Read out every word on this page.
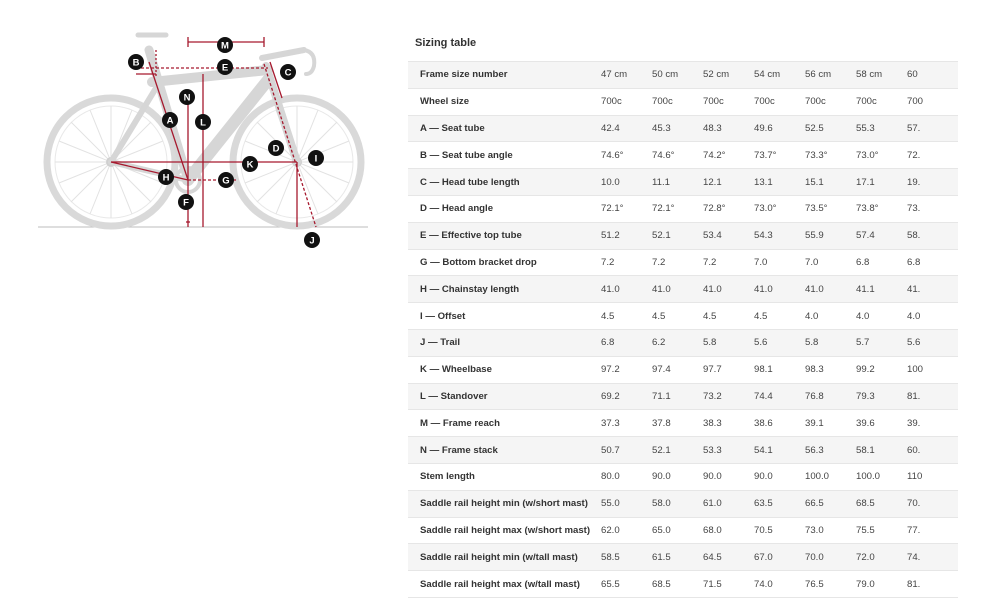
M
E
B
C
N
L
A
D
I
K
H	G
F
J
Sizing table
Frame size number	47 cm	50 cm	52 cm	54 cm	56 cm	58 cm	60
Wheel size	700c	700c	700c	700c	700c	700c	700
A — Seat tube	42.4	45.3	48.3	49.6	52.5	55.3	57.
B — Seat tube angle	74.6°	74.6°	74.2°	73.7°	73.3°	73.0°	72.
C — Head tube length	10.0	11.1	12.1	13.1	15.1	17.1	19.
D — Head angle	72.1°	72.1°	72.8°	73.0°	73.5°	73.8°	73.
E — Effective top tube	51.2	52.1	53.4	54.3	55.9	57.4	58.
G — Bottom bracket drop	7.2	7.2	7.2	7.0	7.0	6.8	6.8
H — Chainstay length	41.0	41.0	41.0	41.0	41.0	41.1	41.
I — Offset	4.5	4.5	4.5	4.5	4.0	4.0	4.0
J — Trail	6.8	6.2	5.8	5.6	5.8	5.7	5.6
K — Wheelbase	97.2	97.4	97.7	98.1	98.3	99.2	100
L — Standover	69.2	71.1	73.2	74.4	76.8	79.3	81.
M — Frame reach	37.3	37.8	38.3	38.6	39.1	39.6	39.
N — Frame stack	50.7	52.1	53.3	54.1	56.3	58.1	60.
Stem length	80.0	90.0	90.0	90.0	100.0	100.0	110
Saddle rail height min (w/short mast)	55.0	58.0	61.0	63.5	66.5	68.5	70.
Saddle rail height max (w/short mast)	62.0	65.0	68.0	70.5	73.0	75.5	77.
Saddle rail height min (w/tall mast)	58.5	61.5	64.5	67.0	70.0	72.0	74.
Saddle rail height max (w/tall mast)	65.5	68.5	71.5	74.0	76.5	79.0	81.
